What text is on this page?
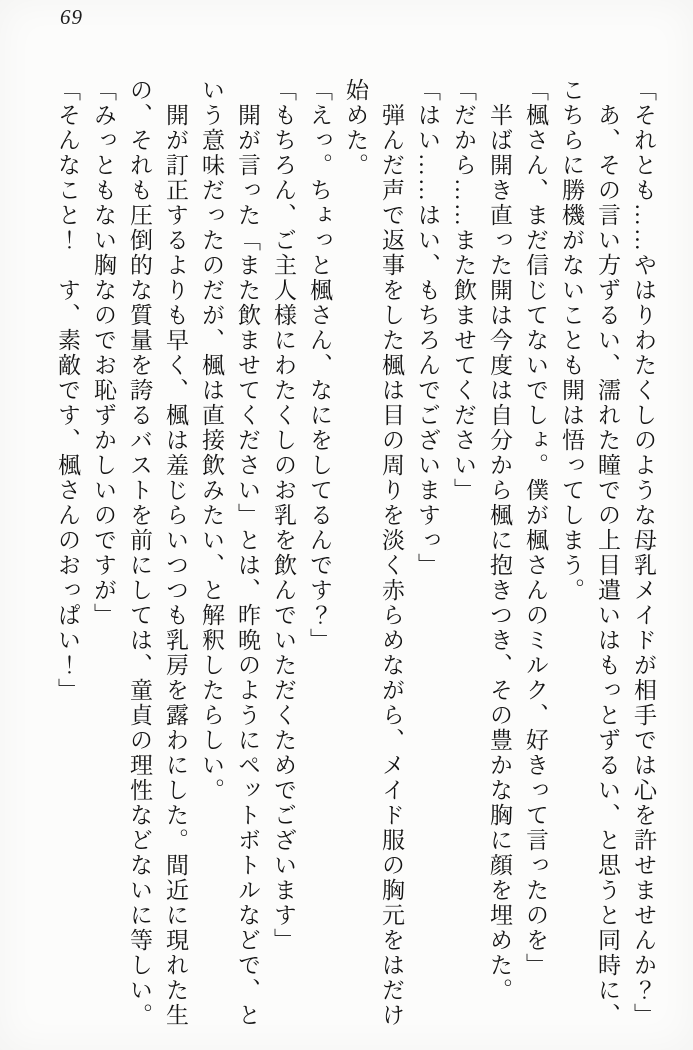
69

「それとも……やはりわたくしのような母乳メイドが相手では心を許せませんか？」

　あ、その言い方ずるい、濡れた瞳での上目遣いはもっとずるい、と思うと同時に、

こちらに勝機がないことも開は悟ってしまう。

「楓さん、まだ信じてないでしょ。僕が楓さんのミルク、好きって言ったのを」

　半ば開き直った開は今度は自分から楓に抱きつき、その豊かな胸に顔を埋めた。

「だから……また飲ませてください」

「はい……はい、もちろんでございますっ」

　弾んだ声で返事をした楓は目の周りを淡く赤らめながら、メイド服の胸元をはだけ

始めた。

「えっ。ちょっと楓さん、なにをしてるんです？」

「もちろん、ご主人様にわたくしのお乳を飲んでいただくためでございます」

　開が言った「また飲ませてください」とは、昨晩のようにペットボトルなどで、と

いう意味だったのだが、楓は直接飲みたい、と解釈したらしい。

　開が訂正するよりも早く、楓は羞じらいつつも乳房を露わにした。間近に現れた生

の、それも圧倒的な質量を誇るバストを前にしては、童貞の理性などないに等しい。

「みっともない胸なのでお恥ずかしいのですが」

「そんなこと！　す、素敵です、楓さんのおっぱい！」
